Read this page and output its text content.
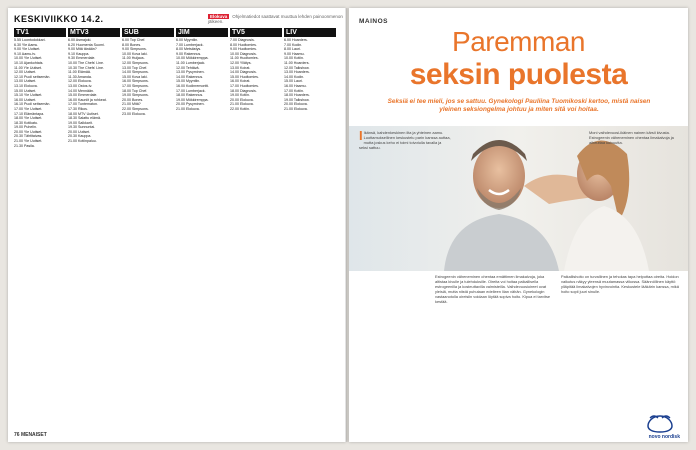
KESKIVIIKKO 14.2.	Elokuva Ohjelmatiedot saattavat muuttua lehden painoonmenon jälkeen.
TV1
5.55 Luontodokkari.
6.30 Yle Aamu.
9.00 Yle Uutiset.
9.10 Aamu-tv.
10.00 Yle Uutiset.
10.10 Ajankohtais.
11.00 Yle Uutiset.
12.00 Uutiset.
12.10 Puoli seitsemän.
13.00 Uutiset.
13.10 Elokuva.
15.00 Uutiset.
15.10 Yle Uutiset.
16.00 Uutiset.
16.10 Puoli seitsemän.
17.00 Yle Uutiset.
17.10 Elämäntapa.
18.00 Yle Uutiset.
18.30 Kotikatu.
19.00 Puhelin.
20.00 Yle Uutiset.
20.30 Tähtitaivas.
21.00 Yle Uutiset.
21.30 Pasila.
MTV3
6.00 Asmajoki.
6.20 Huomenta Suomi.
9.00 Mitä tänään?
9.10 Kauppa.
9.30 Emmerdale.
10.00 The Chefs' Line.
10.30 The Chefs' Line.
11.00 Elämää.
11.30 Amanda.
12.00 Elokuva.
13.00 Ostos-tv.
14.00 Mennään.
15.00 Emmerdale.
16.00 Kauniit ja rohkeat.
17.00 Tuntematon.
17.30 Rikos.
18.00 MTV Uutiset.
18.30 Salattu elämä.
19.00 Salkkarit.
19.30 Sunnuntai.
20.00 Uutiset.
20.30 Kauppa.
21.00 Kotiinpaluu.
SUB
6.00 Top Chef.
8.00 Bones.
9.00 Simpsons.
10.00 Kova laki.
11.00 Huijaus.
12.00 Simpsons.
13.00 Top Chef.
14.00 Simpsons.
15.00 Kova laki.
16.00 Simpsons.
17.00 Simpsons.
18.00 Top Chef.
19.00 Simpsons.
20.00 Bones.
21.00 Mitä?
22.00 Simpsons.
23.00 Elokuva.
JIM
6.00 Myyntiin.
7.00 Lumberjack.
8.00 Metsästys.
9.00 Rakennus.
10.00 Mökkiremppa.
11.00 Lumberjack.
12.00 Tehtävä.
13.00 Pysyminen.
14.00 Rakennus.
15.00 Myyntiin.
16.00 Kodinremontti.
17.00 Lumberjack.
18.00 Rakennus.
19.00 Mökkiremppa.
20.00 Pysyminen.
21.00 Elokuva.
TV5
7.00 Diagnosis.
8.00 Huoltomies.
9.00 Huoltomies.
10.00 Diagnosis.
11.00 Huoltomies.
12.00 Yllätys.
13.00 Koirat.
14.00 Diagnosis.
15.00 Huoltomies.
16.00 Koirat.
17.00 Huoltomies.
18.00 Diagnosis.
19.00 Kotiin.
20.00 Elokuva.
21.00 Elokuva.
22.00 Kotiin.
LIV
6.00 Hoarders.
7.00 Kodin.
8.00 Lauri.
9.00 Haamu.
10.00 Kotiin.
11.00 Hoarders.
12.00 Talkshow.
13.00 Hoarders.
14.00 Kodin.
15.00 Lauri.
16.00 Haamu.
17.00 Kotiin.
18.00 Hoarders.
19.00 Talkshow.
20.00 Elokuva.
21.00 Elokuva.
76 MENAISET
MAINOS
Paremman
seksin puolesta
Seksiä ei tee mieli, jos se sattuu. Gynekologi Pauliina Tuomikoski kertoo, mistä naisen yleinen seksiongelma johtuu ja miten sitä voi hoitaa.
I Ikänsä, kahdenkeskinen ilta ja yhteinen aamu. Luottamuksellinen keskustelu parin kanssa auttaa, mutta joskus keho ei toimi toivotulla tavalla ja seksi sattuu.
Moni vaihdevuosi-ikäinen nainen kärsii kivusta. Estrogeenin väheneminen ohentaa limakalvoja ja aiheuttaa kuivuutta.
Estrogeenin väheneminen ohentaa emättimen limakalvoja, joka altistaa kivulle ja tulehduksille. Oireita voi hoitaa paikallisella estrogeenilla ja kosteuttavilla valmisteilla. Vaihdevuosioireet ovat yleisiä, mutta niistä puhutaan edelleen liian vähän. Gynekologin vastaanotolla oireisiin voidaan löytää sopiva hoito. Kipua ei tarvitse kestää.
Paikallishoito on turvallinen ja tehokas tapa helpottaa oireita. Hoidon vaikutus näkyy yleensä muutamassa viikossa. Säännöllinen käyttö ylläpitää limakalvojen hyvinvointia. Keskustele lääkärin kanssa, mikä hoito sopii juuri sinulle.
novo nordisk
